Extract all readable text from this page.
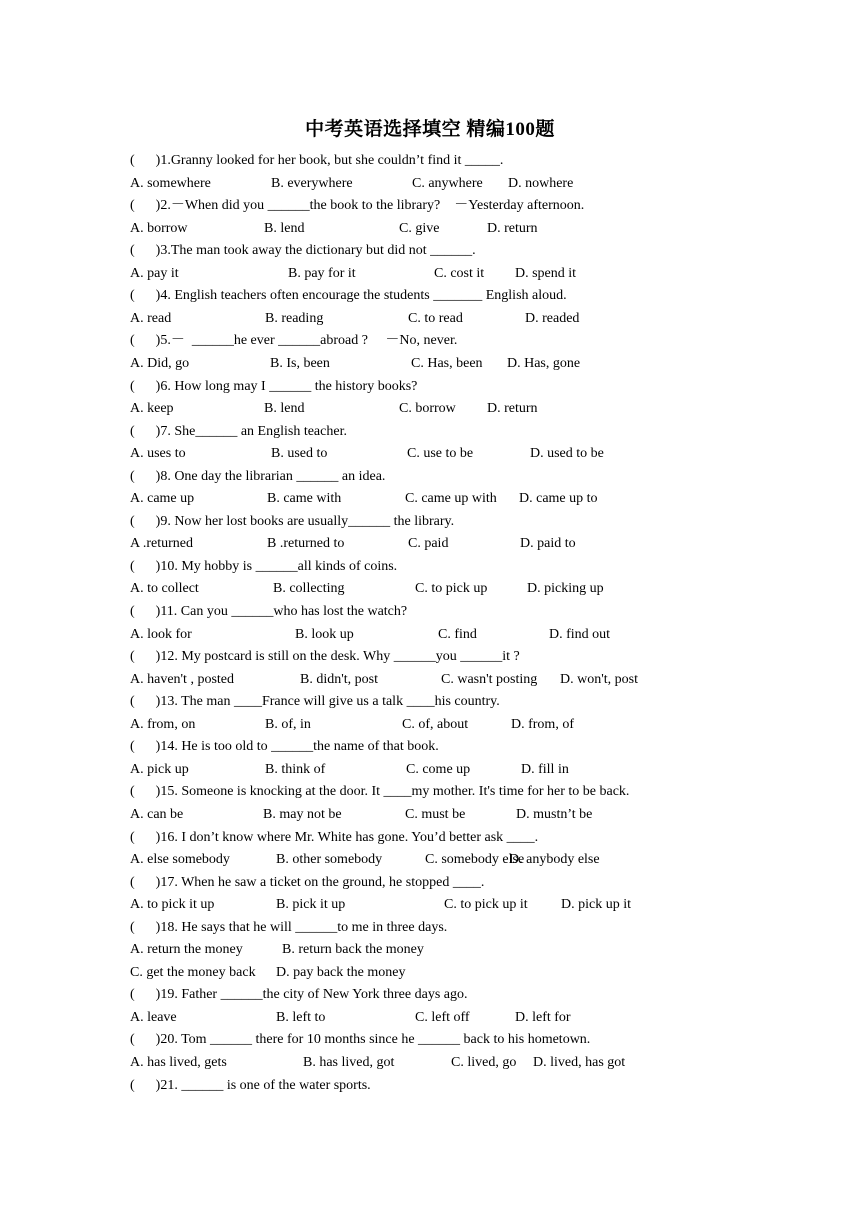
中考英语选择填空 精编100题
(      )1.Granny looked for her book, but she couldn’t find it _____.
A. somewhere	B. everywhere	C. anywhere D. nowhere
(      )2.－When did you ______the book to the library?    －Yesterday afternoon.
A. borrow	B. lend	C. give	D. return
(      )3.The man took away the dictionary but did not ______.
A. pay it	B. pay for it	C. cost it D. spend it
(      )4. English teachers often encourage the students _______ English aloud.
A. read	B. reading	C. to read	D. readed
(      )5.－  ______he ever ______abroad ?     －No, never.
A. Did, go	B. Is, been	C. Has, been D. Has, gone
(      )6. How long may I ______ the history books?
A. keep	B. lend	C. borrow D. return
(      )7. She______ an English teacher.
A. uses to	B. used to	C. use to be	D. used to be
(      )8. One day the librarian ______ an idea.
A. came up	B. came with	C. came up with D. came up to
(      )9. Now her lost books are usually______ the library.
A .returned	B .returned to	C. paid	D. paid to
(      )10. My hobby is ______all kinds of coins.
A. to collect	B. collecting	C. to pick up	D. picking up
(      )11. Can you ______who has lost the watch?
A. look for	B. look up	C. find	D. find out
(      )12. My postcard is still on the desk. Why ______you ______it ?
A. haven't , posted	B. didn't, post	C. wasn't posting D. won't, post
(      )13. The man ____France will give us a talk ____his country.
A. from, on	B. of, in	C. of, about	D. from, of
(      )14. He is too old to ______the name of that book.
A. pick up	B. think of	C. come up	D. fill in
(      )15. Someone is knocking at the door. It ____my mother. It's time for her to be back.
A. can be	B. may not be	C. must be	D. mustn’t be
(      )16. I don’t know where Mr. White has gone. You’d better ask ____.
A. else somebody	B. other somebody	C. somebody else
D. anybody else
(      )17. When he saw a ticket on the ground, he stopped ____.
A. to pick it up	B. pick it up	C. to pick up it D. pick up it
(      )18. He says that he will ______to me in three days.
A. return the money	B. return back the money
C. get the money back D. pay back the money
(      )19. Father ______the city of New York three days ago.
A. leave	B. left to	C. left off	D. left for
(      )20. Tom ______ there for 10 months since he ______ back to his hometown.
A. has lived, gets	B. has lived, got	C. lived, go D. lived, has got
(      )21. ______ is one of the water sports.
